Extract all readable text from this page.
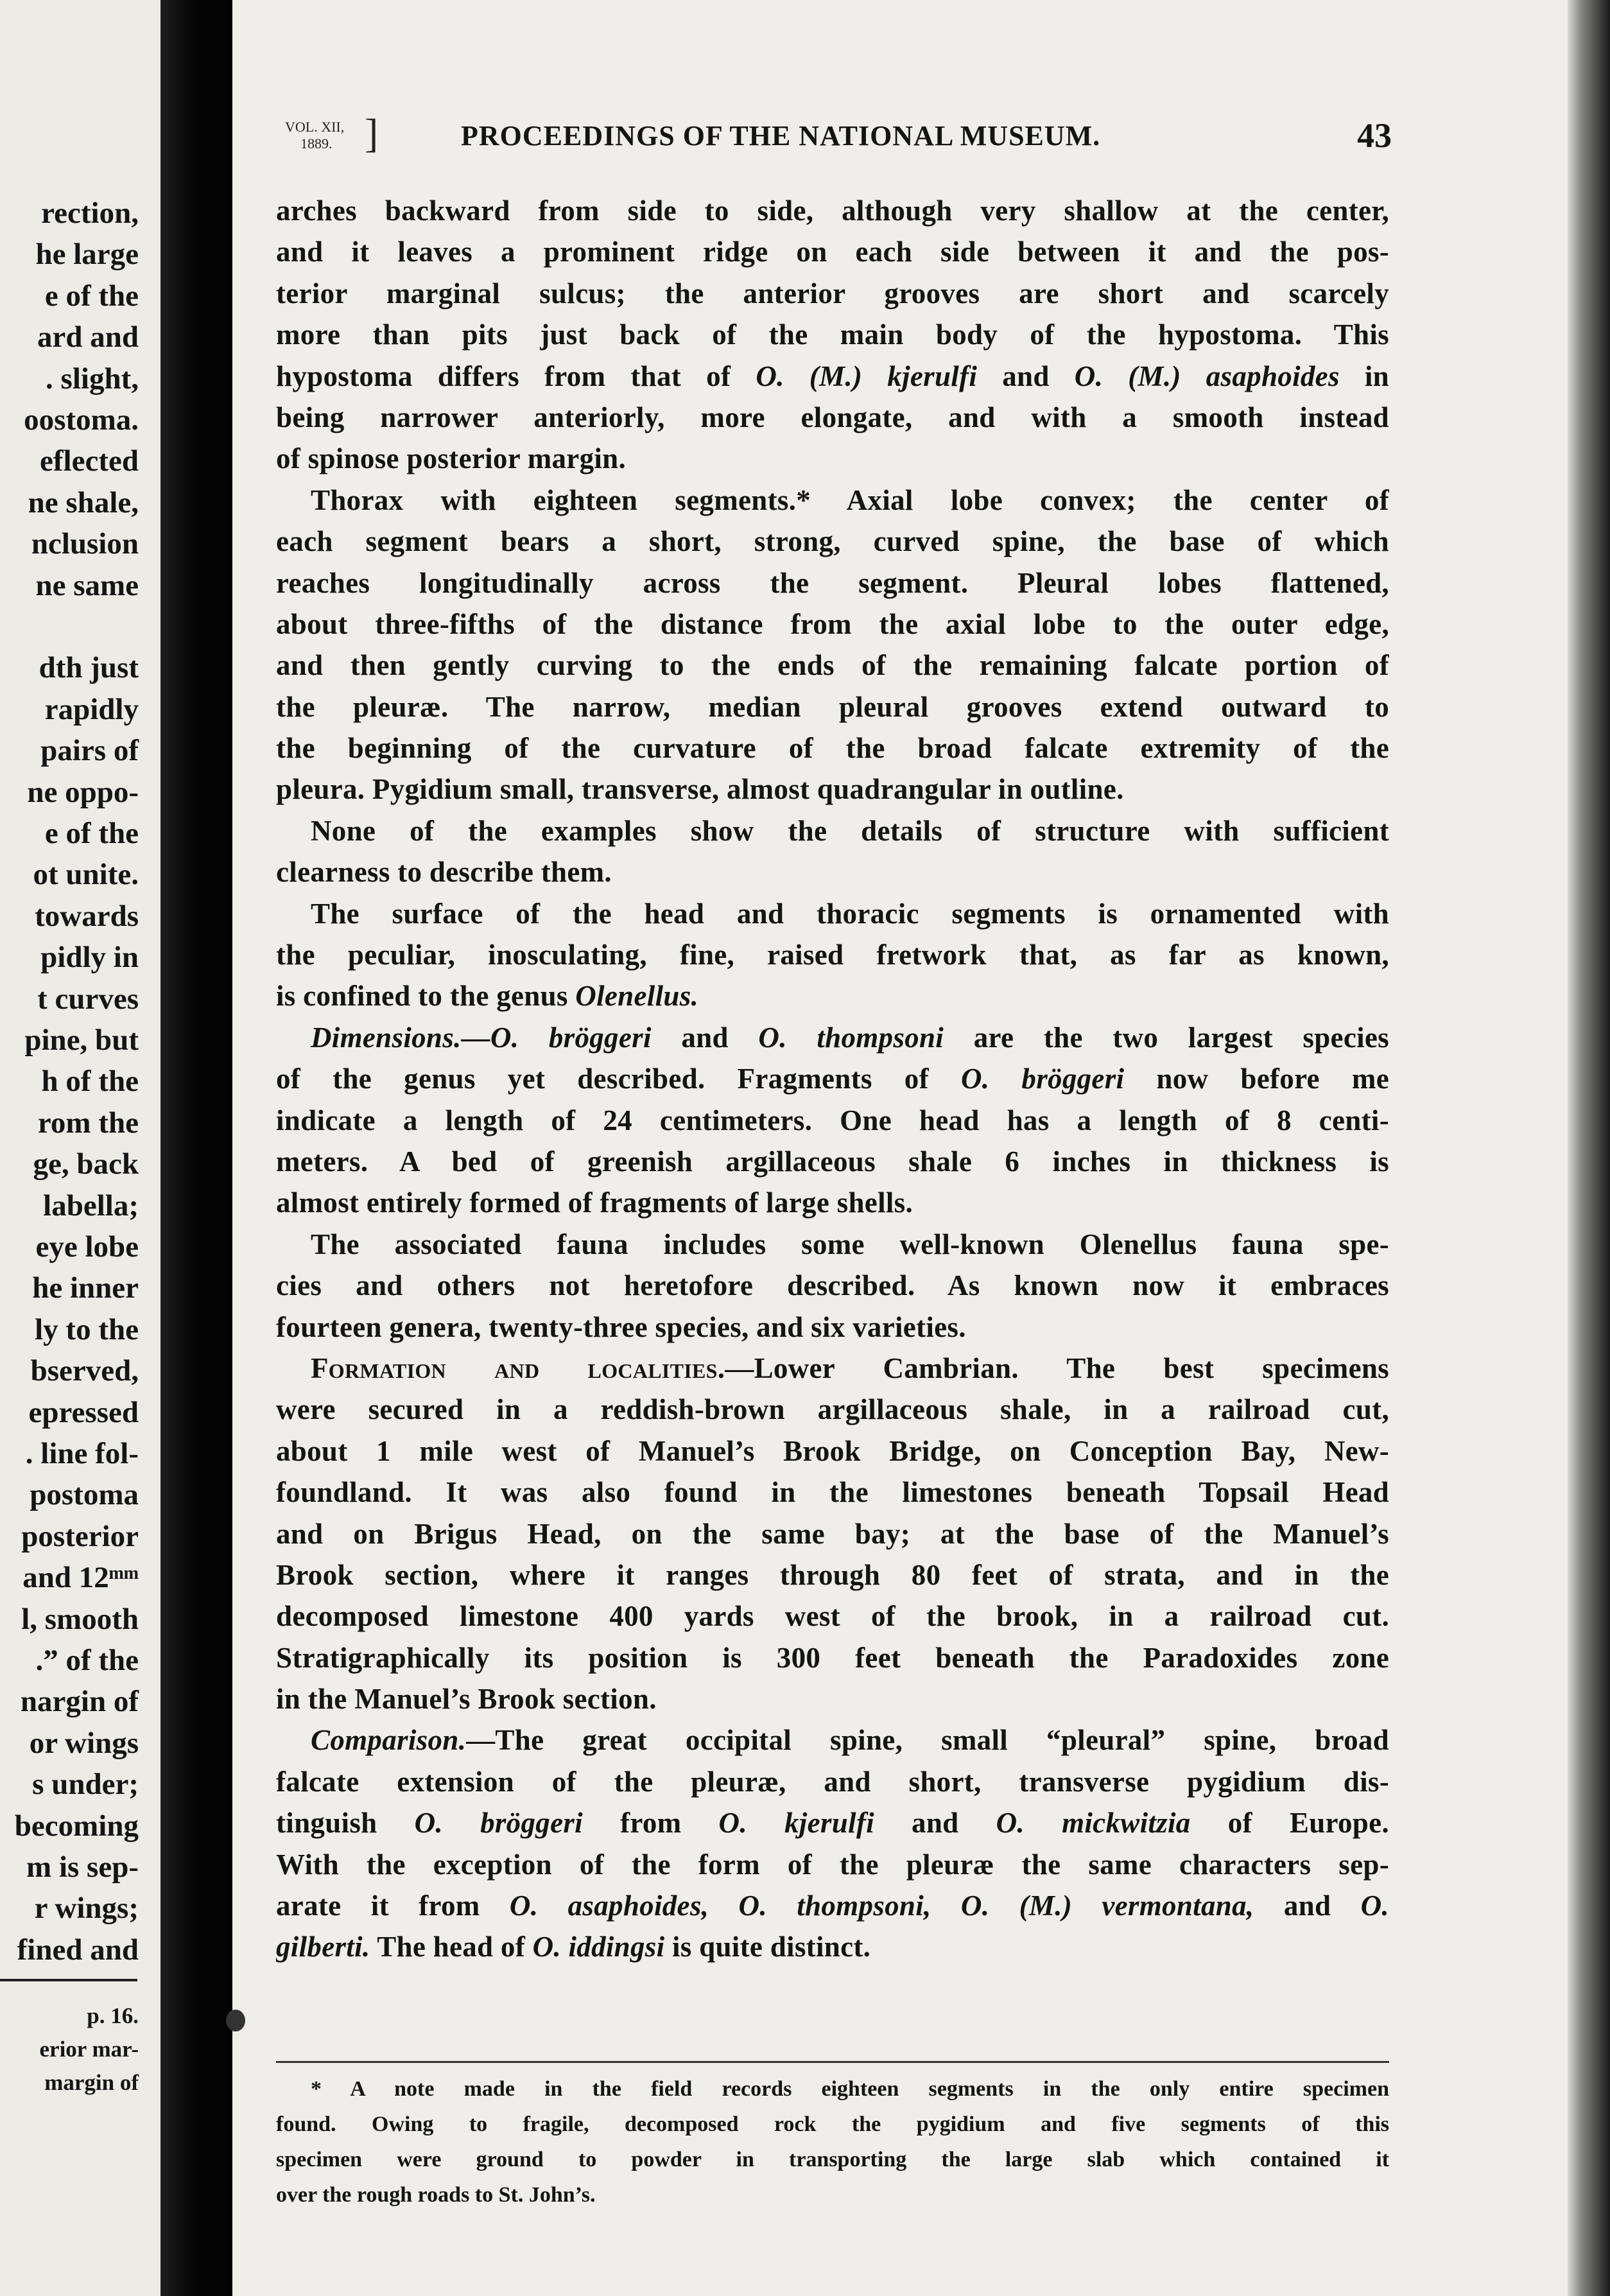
rection,
he large
e of the
ard and
. slight,
oostoma.
eflected
ne shale,
nclusion
ne same
dth just
rapidly
pairs of
ne oppo-
e of the
ot unite.
towards
pidly in
t curves
pine, but
h of the
rom the
ge, back
labella;
eye lobe
he inner
ly to the
bserved,
epressed
. line fol-
postoma
posterior
and 12ᵐᵐ
l, smooth
.” of the
nargin of
or wings
s under;
becoming
m is sep-
r wings;
fined and
p. 16.
erior mar-
margin of
VOL. XII,
1889. ]	PROCEEDINGS OF THE NATIONAL MUSEUM.	43
arches backward from side to side, although very shallow at the center,
and it leaves a prominent ridge on each side between it and the pos-
terior marginal sulcus; the anterior grooves are short and scarcely
more than pits just back of the main body of the hypostoma. This
hypostoma differs from that of O. (M.) kjerulfi and O. (M.) asaphoides in
being narrower anteriorly, more elongate, and with a smooth instead
of spinose posterior margin.
Thorax with eighteen segments.* Axial lobe convex; the center of
each segment bears a short, strong, curved spine, the base of which
reaches longitudinally across the segment. Pleural lobes flattened,
about three-fifths of the distance from the axial lobe to the outer edge,
and then gently curving to the ends of the remaining falcate portion of
the pleuræ. The narrow, median pleural grooves extend outward to
the beginning of the curvature of the broad falcate extremity of the
pleura. Pygidium small, transverse, almost quadrangular in outline.
None of the examples show the details of structure with sufficient
clearness to describe them.
The surface of the head and thoracic segments is ornamented with
the peculiar, inosculating, fine, raised fretwork that, as far as known,
is confined to the genus Olenellus.
Dimensions.—O. bröggeri and O. thompsoni are the two largest species
of the genus yet described. Fragments of O. bröggeri now before me
indicate a length of 24 centimeters. One head has a length of 8 centi-
meters. A bed of greenish argillaceous shale 6 inches in thickness is
almost entirely formed of fragments of large shells.
The associated fauna includes some well-known Olenellus fauna spe-
cies and others not heretofore described. As known now it embraces
fourteen genera, twenty-three species, and six varieties.
Formation and localities.—Lower Cambrian. The best specimens
were secured in a reddish-brown argillaceous shale, in a railroad cut,
about 1 mile west of Manuel’s Brook Bridge, on Conception Bay, New-
foundland. It was also found in the limestones beneath Topsail Head
and on Brigus Head, on the same bay; at the base of the Manuel’s
Brook section, where it ranges through 80 feet of strata, and in the
decomposed limestone 400 yards west of the brook, in a railroad cut.
Stratigraphically its position is 300 feet beneath the Paradoxides zone
in the Manuel’s Brook section.
Comparison.—The great occipital spine, small “pleural” spine, broad
falcate extension of the pleuræ, and short, transverse pygidium dis-
tinguish O. bröggeri from O. kjerulfi and O. mickwitzia of Europe.
With the exception of the form of the pleuræ the same characters sep-
arate it from O. asaphoides, O. thompsoni, O. (M.) vermontana, and O.
gilberti. The head of O. iddingsi is quite distinct.
* A note made in the field records eighteen segments in the only entire specimen
found. Owing to fragile, decomposed rock the pygidium and five segments of this
specimen were ground to powder in transporting the large slab which contained it
over the rough roads to St. John’s.
